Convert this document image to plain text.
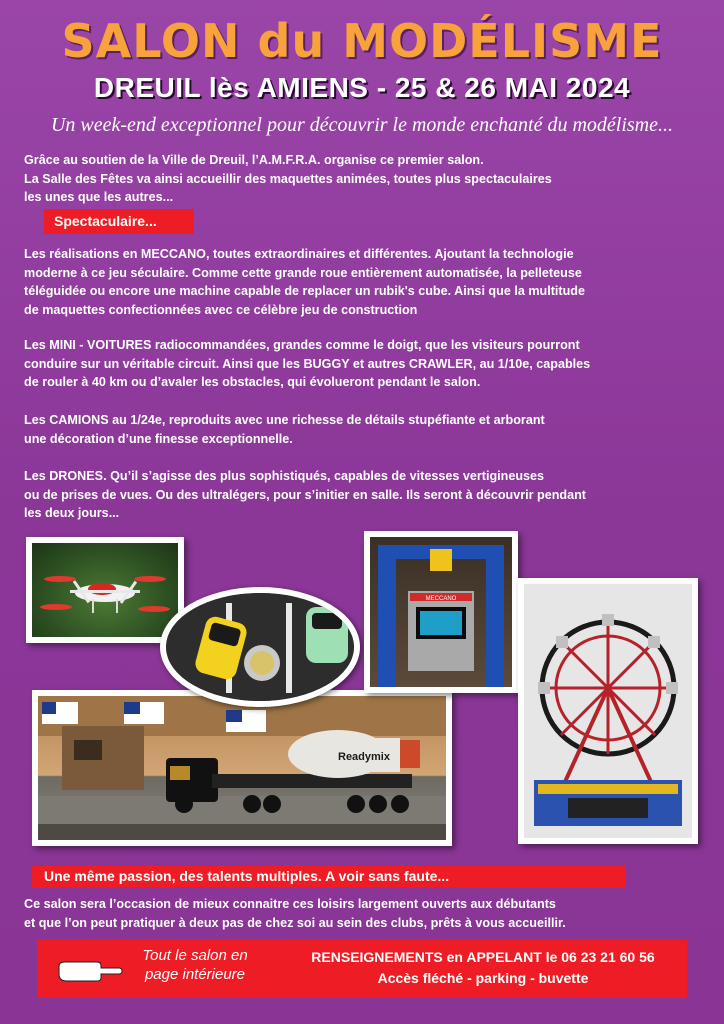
SALON du MODÉLISME
DREUIL lès AMIENS - 25 & 26 MAI 2024
Un week-end exceptionnel pour découvrir le monde enchanté du modélisme...
Grâce au soutien de la Ville de Dreuil, l’A.M.F.R.A. organise ce premier salon.
La Salle des Fêtes va ainsi accueillir des maquettes animées, toutes plus spectaculaires
les unes que les autres...
Spectaculaire...
Les réalisations en MECCANO, toutes extraordinaires et différentes. Ajoutant la technologie
moderne à ce jeu séculaire. Comme cette grande roue entièrement automatisée, la pelleteuse
téléguidée ou encore une machine capable de replacer un rubik's cube. Ainsi que la multitude
de maquettes confectionnées avec ce célèbre jeu de construction
Les MINI - VOITURES radiocommandées, grandes comme le doigt, que les visiteurs pourront
conduire sur un véritable circuit. Ainsi que les BUGGY et autres CRAWLER, au 1/10e, capables
de rouler à 40 km ou d’avaler les obstacles, qui évolueront pendant le salon.
Les CAMIONS au 1/24e, reproduits avec une richesse de détails stupéfiante et arborant
une décoration d’une finesse exceptionnelle.
Les DRONES. Qu’il s’agisse des plus sophistiqués, capables de vitesses vertigineuses
ou de prises de vues. Ou des ultralégers, pour s’initier en salle. Ils seront à découvrir pendant
les deux jours...
Readymix
MECCANO
Une même passion, des talents multiples. A voir sans faute...
Ce salon sera l’occasion de mieux connaitre ces loisirs largement ouverts aux débutants
et que l’on peut pratiquer à deux pas de chez soi au sein des clubs, prêts à vous accueillir.
Tout le salon en
page intérieure
RENSEIGNEMENTS en APPELANT le 06 23 21 60 56
Accès fléché - parking - buvette
